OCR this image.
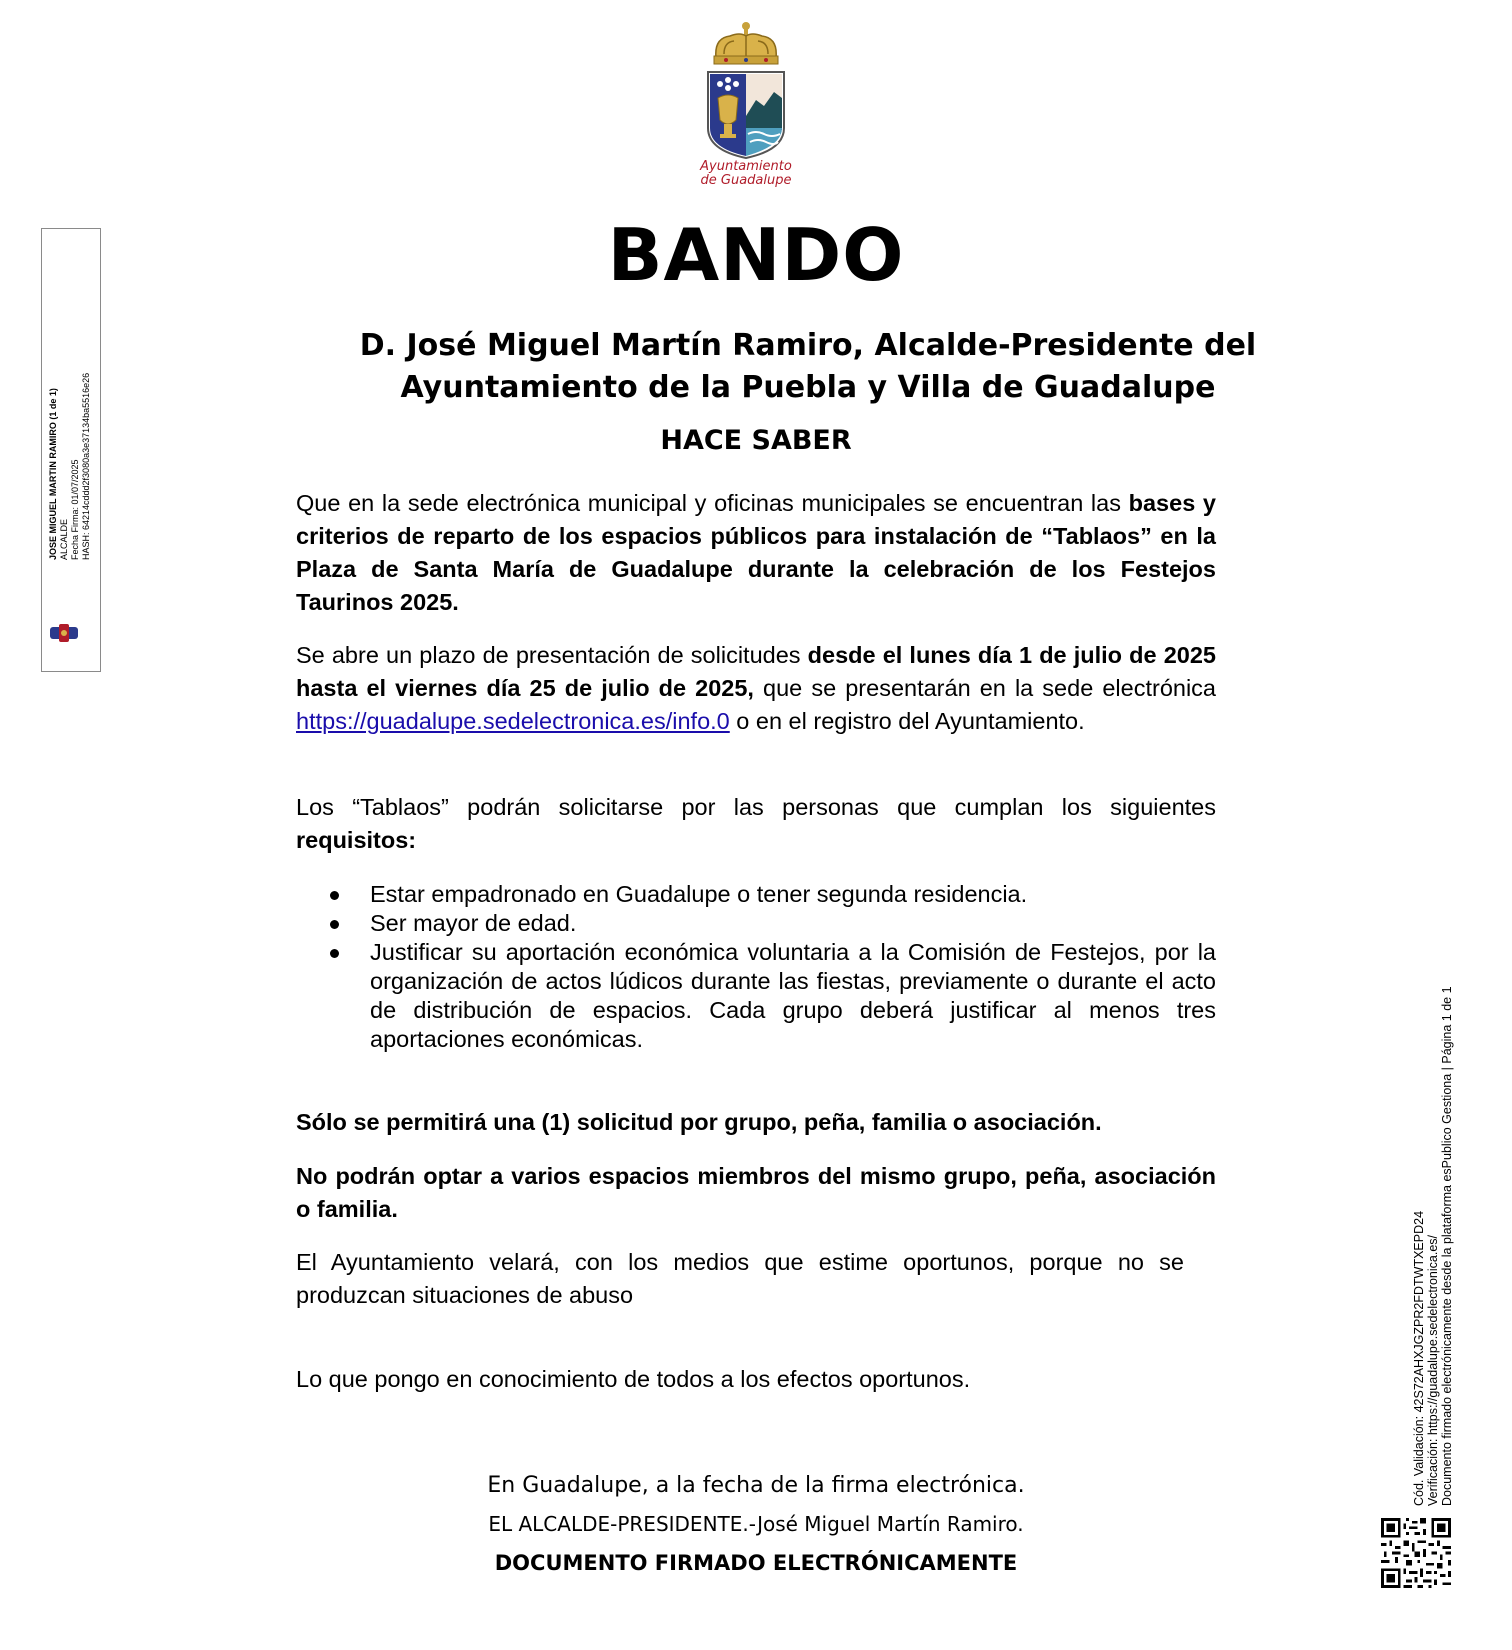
Ayuntamiento
de Guadalupe
BANDO
D. José Miguel Martín Ramiro, Alcalde-Presidente del Ayuntamiento de la Puebla y Villa de Guadalupe
HACE SABER
Que en la sede electrónica municipal y oficinas municipales se encuentran las bases y criterios de reparto de los espacios públicos para instalación de “Tablaos” en la Plaza de Santa María de Guadalupe durante la celebración de los Festejos Taurinos 2025.
Se abre un plazo de presentación de solicitudes desde el lunes día 1 de julio de 2025 hasta el viernes día 25 de julio de 2025, que se presentarán en la sede electrónica https://guadalupe.sedelectronica.es/info.0 o en el registro del Ayuntamiento.
Los “Tablaos” podrán solicitarse por las personas que cumplan los siguientes requisitos:
Estar empadronado en Guadalupe o tener segunda residencia.
Ser mayor de edad.
Justificar su aportación económica voluntaria a la Comisión de Festejos, por la organización de actos lúdicos durante las fiestas, previamente o durante el acto de distribución de espacios. Cada grupo deberá justificar al menos tres aportaciones económicas.
Sólo se permitirá una (1) solicitud por grupo, peña, familia o asociación.
No podrán optar a varios espacios miembros del mismo grupo, peña, asociación o familia.
El Ayuntamiento velará, con los medios que estime oportunos, porque no se produzcan situaciones de abuso
Lo que pongo en conocimiento de todos a los efectos oportunos.
En Guadalupe, a la fecha de la firma electrónica.
EL ALCALDE-PRESIDENTE.-José Miguel Martín Ramiro.
DOCUMENTO FIRMADO ELECTRÓNICAMENTE
JOSE MIGUEL MARTIN RAMIRO (1 de 1) ALCALDE Fecha Firma: 01/07/2025 HASH: 64214cddd2f3080a3e37134ba5516e26
Cód. Validación: 42S72AHXJGZPR2FDTWTXEPD24 Verificación: https://guadalupe.sedelectronica.es/ Documento firmado electrónicamente desde la plataforma esPublico Gestiona | Página 1 de 1
